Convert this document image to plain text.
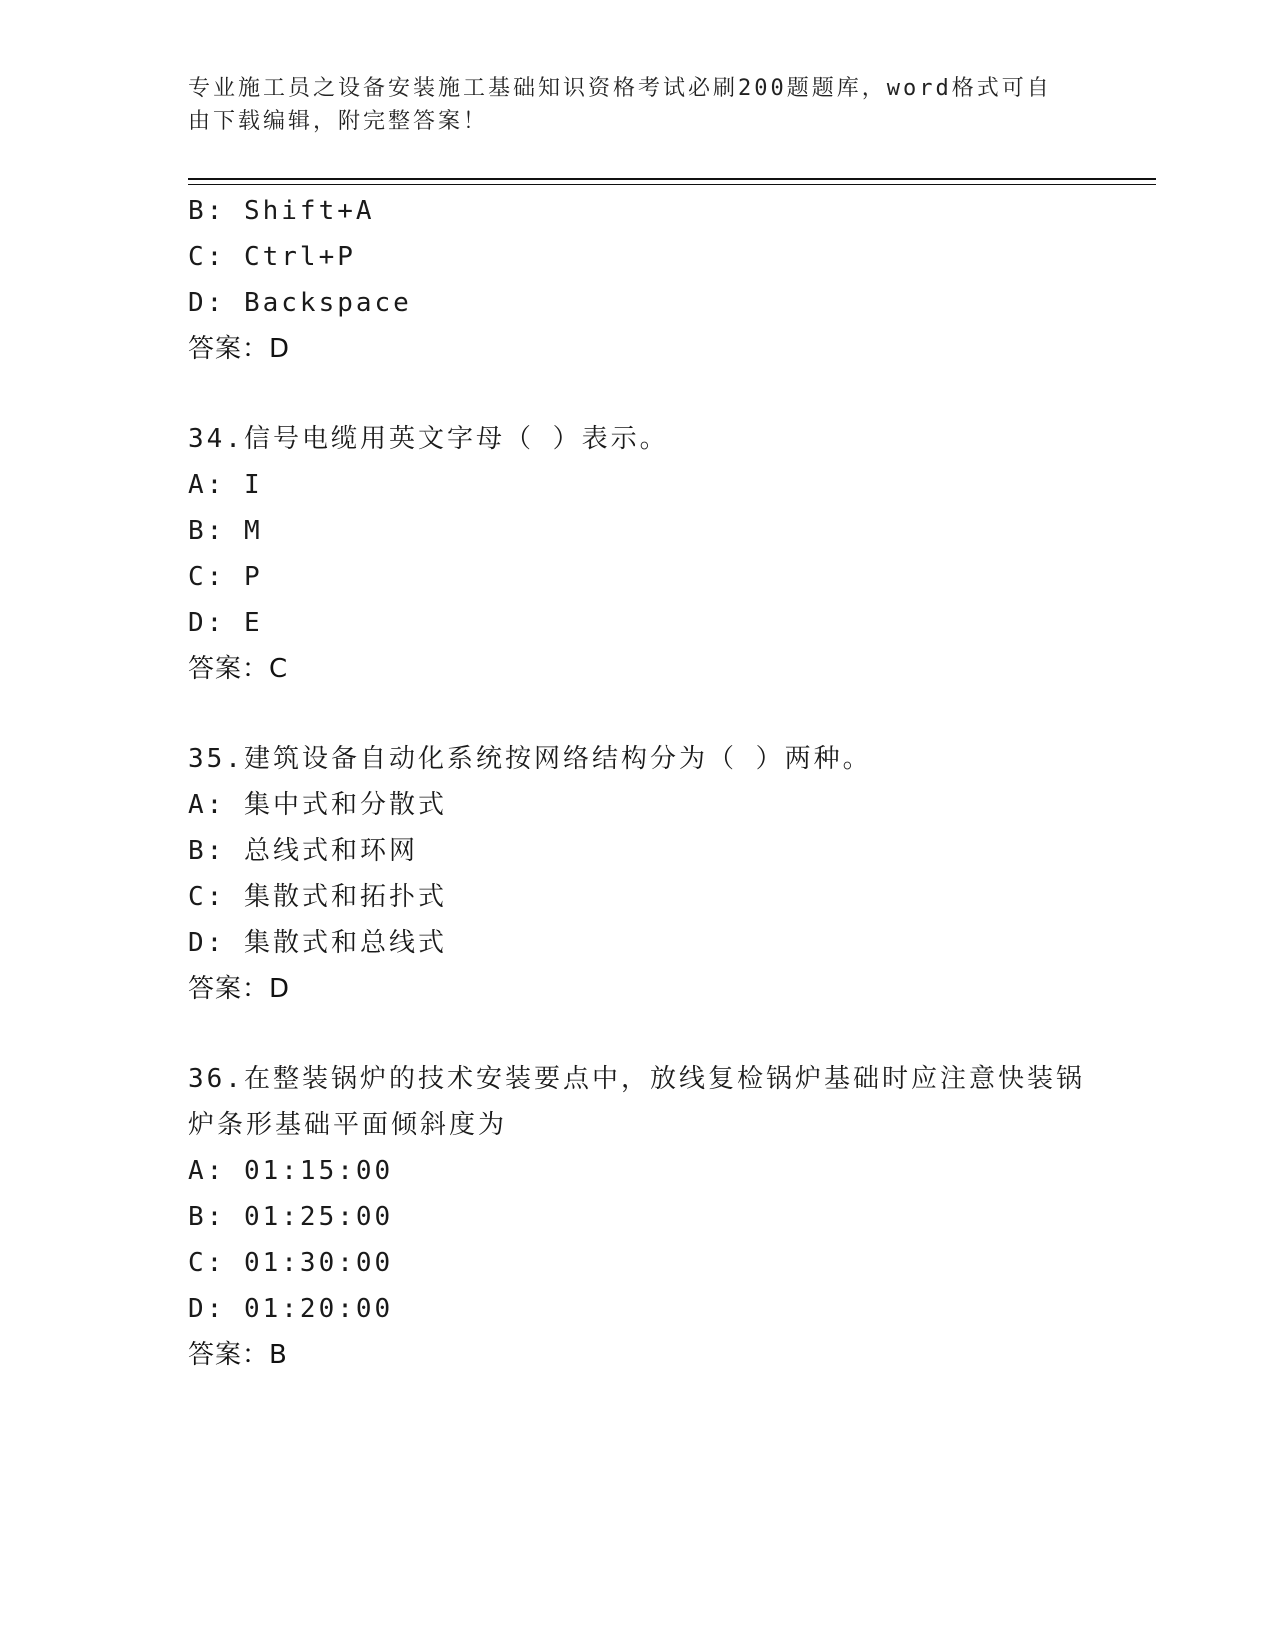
专业施工员之设备安装施工基础知识资格考试必刷200题题库，word格式可自由下载编辑，附完整答案！
B: Shift+A
C: Ctrl+P
D: Backspace
答案：D
34.信号电缆用英文字母（ ）表示。
A: I
B: M
C: P
D: E
答案：C
35.建筑设备自动化系统按网络结构分为（ ）两种。
A: 集中式和分散式
B: 总线式和环网
C: 集散式和拓扑式
D: 集散式和总线式
答案：D
36.在整装锅炉的技术安装要点中，放线复检锅炉基础时应注意快装锅炉条形基础平面倾斜度为
A: 01:15:00
B: 01:25:00
C: 01:30:00
D: 01:20:00
答案：B
